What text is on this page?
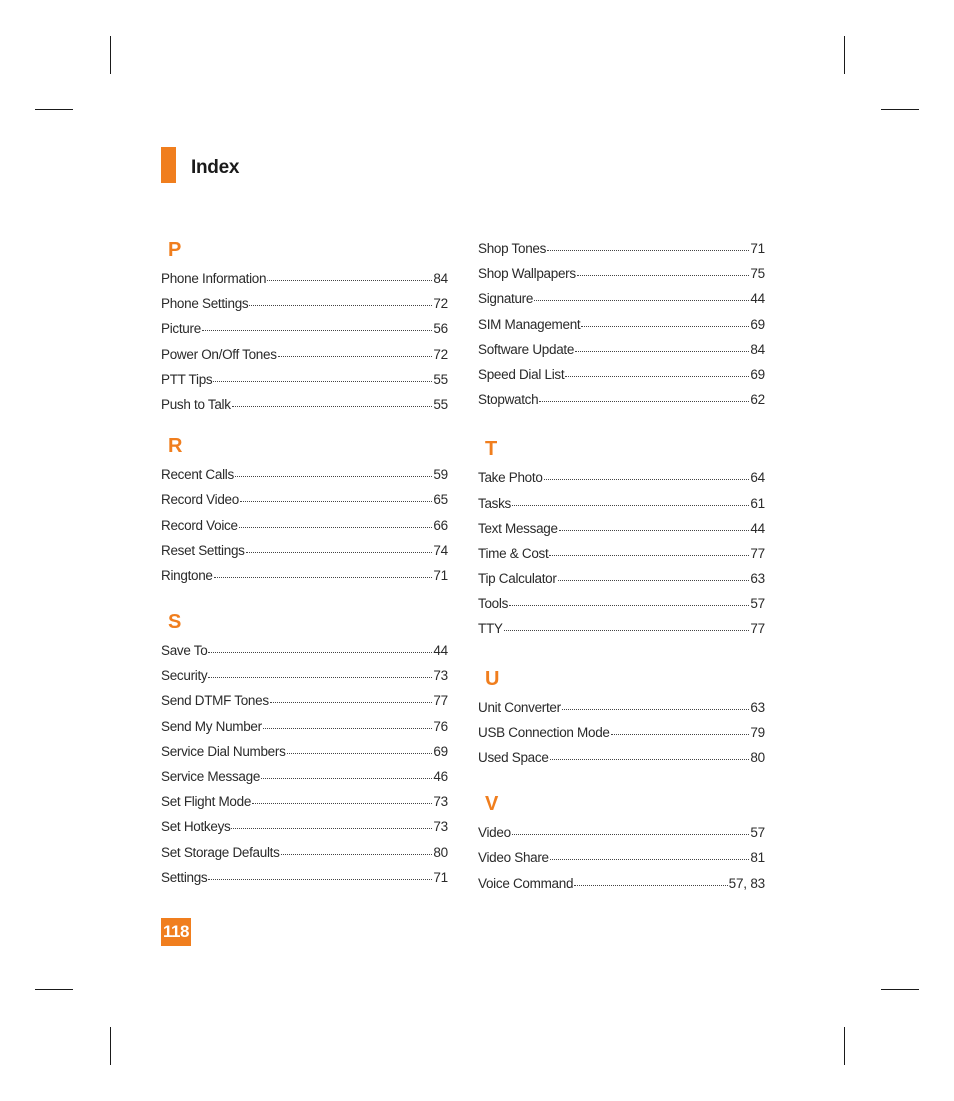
Index
P
Phone Information	84
Phone Settings	72
Picture	56
Power On/Off Tones	72
PTT Tips	55
Push to Talk	55
R
Recent Calls	59
Record Video	65
Record Voice	66
Reset Settings	74
Ringtone	71
S
Save To	44
Security	73
Send DTMF Tones	77
Send My Number	76
Service Dial Numbers	69
Service Message	46
Set Flight Mode	73
Set Hotkeys	73
Set Storage Defaults	80
Settings	71
Shop Tones	71
Shop Wallpapers	75
Signature	44
SIM Management	69
Software Update	84
Speed Dial List	69
Stopwatch	62
T
Take Photo	64
Tasks	61
Text Message	44
Time & Cost	77
Tip Calculator	63
Tools	57
TTY	77
U
Unit Converter	63
USB Connection Mode	79
Used Space	80
V
Video	57
Video Share	81
Voice Command	57, 83
118
